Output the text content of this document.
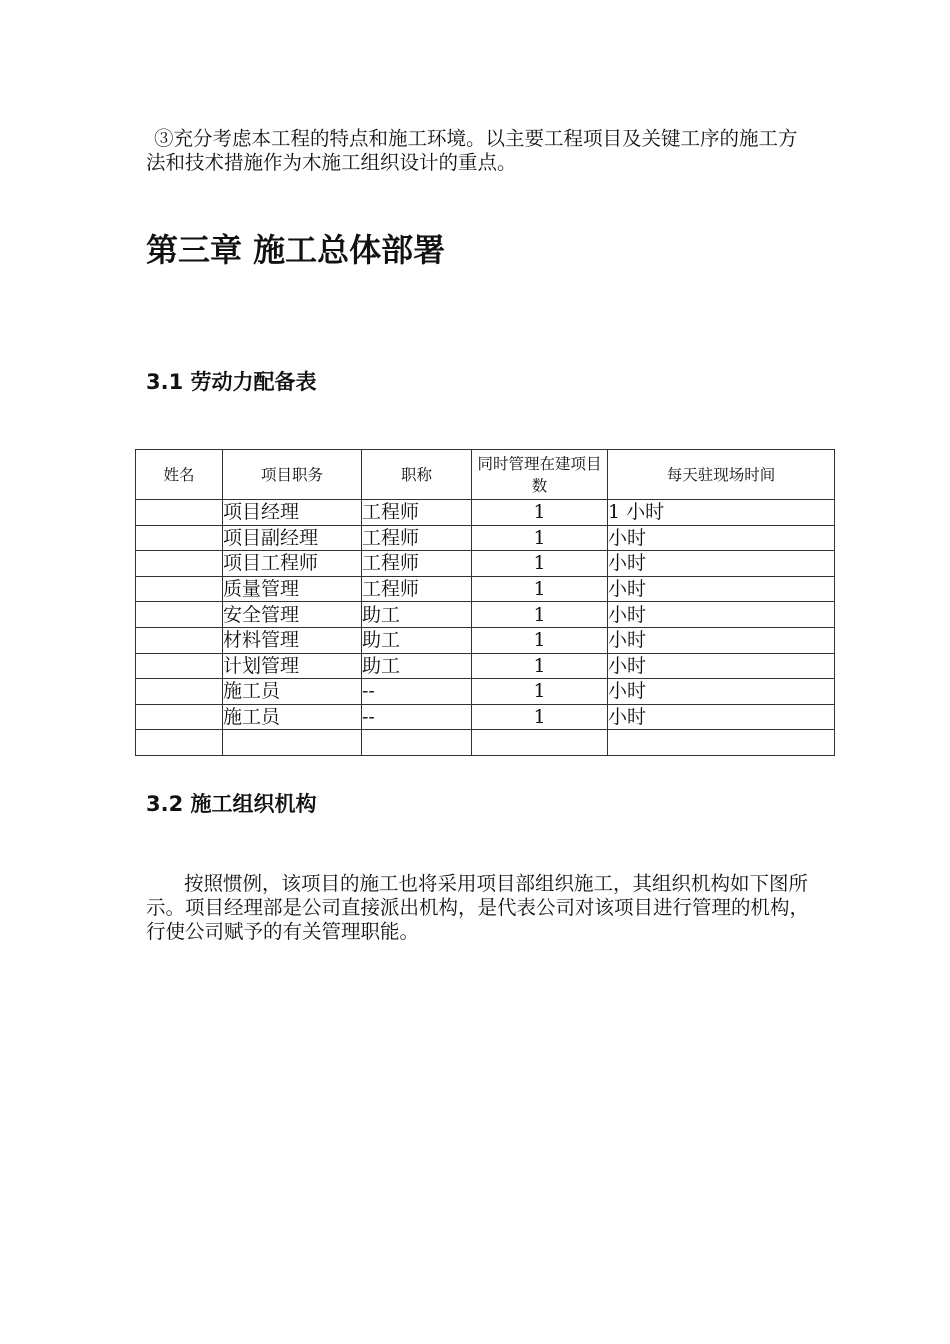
③充分考虑本工程的特点和施工环境。以主要工程项目及关键工序的施工方法和技术措施作为木施工组织设计的重点。

第三章 施工总体部署
3.1 劳动力配备表
姓名	项目职务	职称	同时管理在建项目数	每天驻现场时间
	项目经理	工程师	1	1 小时
	项目副经理	工程师	1	小时
	项目工程师	工程师	1	小时
	质量管理	工程师	1	小时
	安全管理	助工	1	小时
	材料管理	助工	1	小时
	计划管理	助工	1	小时
	施工员	--	1	小时
	施工员	--	1	小时

3.2 施工组织机构

按照惯例，该项目的施工也将采用项目部组织施工，其组织机构如下图所示。项目经理部是公司直接派出机构，是代表公司对该项目进行管理的机构，行使公司赋予的有关管理职能。
